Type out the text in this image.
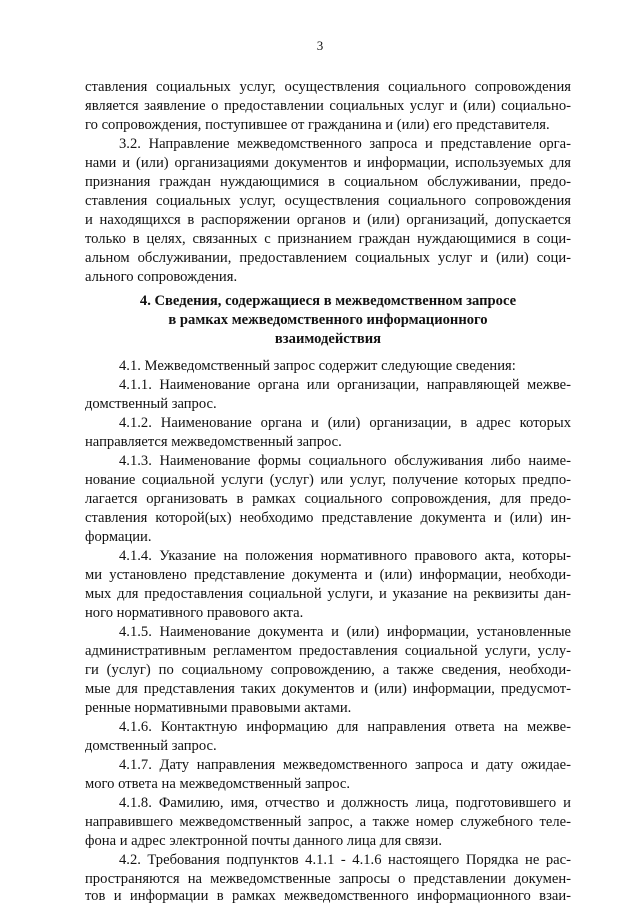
3
ставления социальных услуг, осуществления социального сопровождения
является заявление о предоставлении социальных услуг и (или) социально-
го сопровождения, поступившее от гражданина и (или) его представителя.
3.2. Направление межведомственного запроса и представление орга-
нами и (или) организациями документов и информации, используемых для
признания граждан нуждающимися в социальном обслуживании, предо-
ставления социальных услуг, осуществления социального сопровождения
и находящихся в распоряжении органов и (или) организаций, допускается
только в целях, связанных с признанием граждан нуждающимися в соци-
альном обслуживании, предоставлением социальных услуг и (или) соци-
ального сопровождения.
4. Сведения, содержащиеся в межведомственном запросе
в рамках межведомственного информационного
взаимодействия
4.1. Межведомственный запрос содержит следующие сведения:
4.1.1. Наименование органа или организации, направляющей межве-
домственный запрос.
4.1.2. Наименование органа и (или) организации, в адрес которых
направляется межведомственный запрос.
4.1.3. Наименование формы социального обслуживания либо наиме-
нование социальной услуги (услуг) или услуг, получение которых предпо-
лагается организовать в рамках социального сопровождения, для предо-
ставления которой(ых) необходимо представление документа и (или) ин-
формации.
4.1.4. Указание на положения нормативного правового акта, которы-
ми установлено представление документа и (или) информации, необходи-
мых для предоставления социальной услуги, и указание на реквизиты дан-
ного нормативного правового акта.
4.1.5. Наименование документа и (или) информации, установленные
административным регламентом предоставления социальной услуги, услу-
ги (услуг) по социальному сопровождению, а также сведения, необходи-
мые для представления таких документов и (или) информации, предусмот-
ренные нормативными правовыми актами.
4.1.6. Контактную информацию для направления ответа на межве-
домственный запрос.
4.1.7. Дату направления межведомственного запроса и дату ожидае-
мого ответа на межведомственный запрос.
4.1.8. Фамилию, имя, отчество и должность лица, подготовившего и
направившего межведомственный запрос, а также номер служебного теле-
фона и адрес электронной почты данного лица для связи.
4.2. Требования подпунктов 4.1.1 - 4.1.6 настоящего Порядка не рас-
пространяются на межведомственные запросы о представлении докумен-
тов и информации в рамках межведомственного информационного взаи-
